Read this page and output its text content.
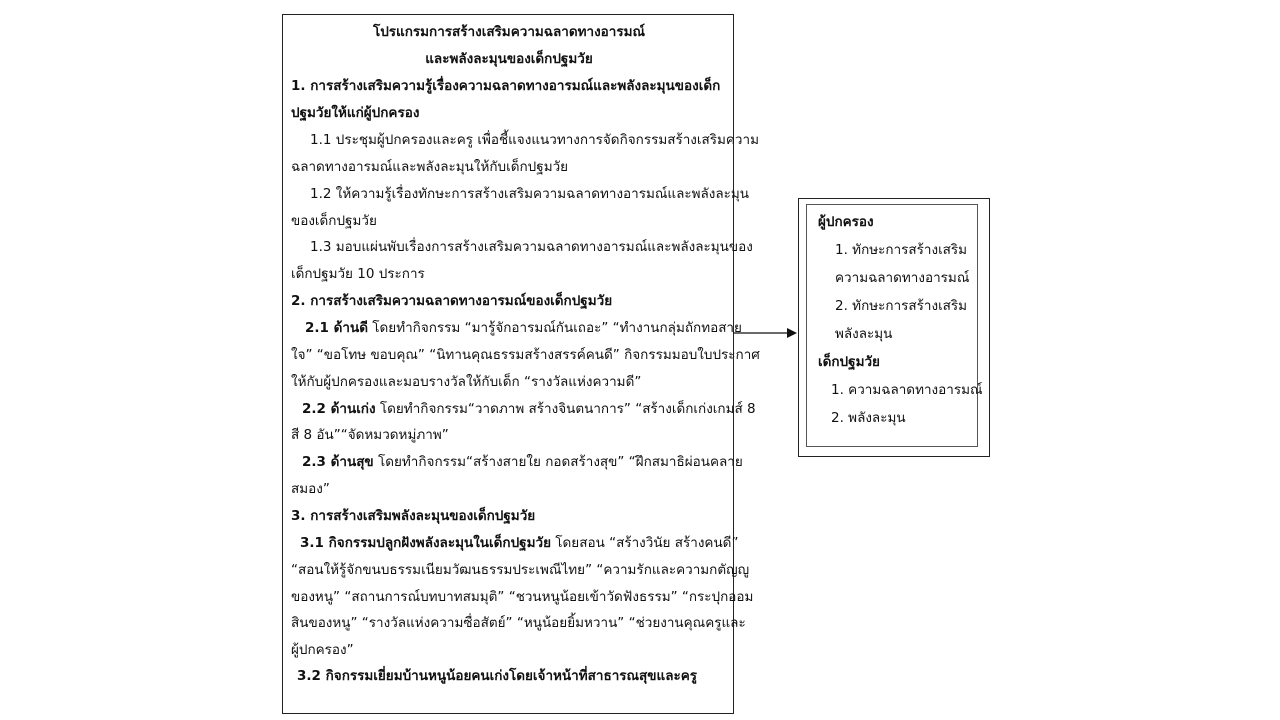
โปรแกรมการสร้างเสริมความฉลาดทางอารมณ์
และพลังละมุนของเด็กปฐมวัย
1. การสร้างเสริมความรู้เรื่องความฉลาดทางอารมณ์และพลังละมุนของเด็ก
ปฐมวัยให้แก่ผู้ปกครอง
1.1 ประชุมผู้ปกครองและครู เพื่อชี้แจงแนวทางการจัดกิจกรรมสร้างเสริมความ
ฉลาดทางอารมณ์และพลังละมุนให้กับเด็กปฐมวัย
1.2 ให้ความรู้เรื่องทักษะการสร้างเสริมความฉลาดทางอารมณ์และพลังละมุน
ของเด็กปฐมวัย
1.3 มอบแผ่นพับเรื่องการสร้างเสริมความฉลาดทางอารมณ์และพลังละมุนของ
เด็กปฐมวัย 10 ประการ
2. การสร้างเสริมความฉลาดทางอารมณ์ของเด็กปฐมวัย
2.1 ด้านดี โดยทำกิจกรรม “มารู้จักอารมณ์กันเถอะ” “ทำงานกลุ่มถักทอสาย
ใจ” “ขอโทษ ขอบคุณ” “นิทานคุณธรรมสร้างสรรค์คนดี” กิจกรรมมอบใบประกาศ
ให้กับผู้ปกครองและมอบรางวัลให้กับเด็ก “รางวัลแห่งความดี”
2.2 ด้านเก่ง โดยทำกิจกรรม“วาดภาพ สร้างจินตนาการ” “สร้างเด็กเก่งเกมส์ 8
สี 8 อัน”“จัดหมวดหมู่ภาพ”
2.3 ด้านสุข โดยทำกิจกรรม“สร้างสายใย กอดสร้างสุข” “ฝึกสมาธิผ่อนคลาย
สมอง”
3. การสร้างเสริมพลังละมุนของเด็กปฐมวัย
3.1 กิจกรรมปลูกฝังพลังละมุนในเด็กปฐมวัย โดยสอน “สร้างวินัย สร้างคนดี”
“สอนให้รู้จักขนบธรรมเนียมวัฒนธรรมประเพณีไทย” “ความรักและความกตัญญู
ของหนู” “สถานการณ์บทบาทสมมุติ” “ชวนหนูน้อยเข้าวัดฟังธรรม” “กระปุกออม
สินของหนู” “รางวัลแห่งความซื่อสัตย์” “หนูน้อยยิ้มหวาน” “ช่วยงานคุณครูและ
ผู้ปกครอง”
3.2 กิจกรรมเยี่ยมบ้านหนูน้อยคนเก่งโดยเจ้าหน้าที่สาธารณสุขและครู
ผู้ปกครอง
1. ทักษะการสร้างเสริม
ความฉลาดทางอารมณ์
2. ทักษะการสร้างเสริม
พลังละมุน
เด็กปฐมวัย
1. ความฉลาดทางอารมณ์
2. พลังละมุน
